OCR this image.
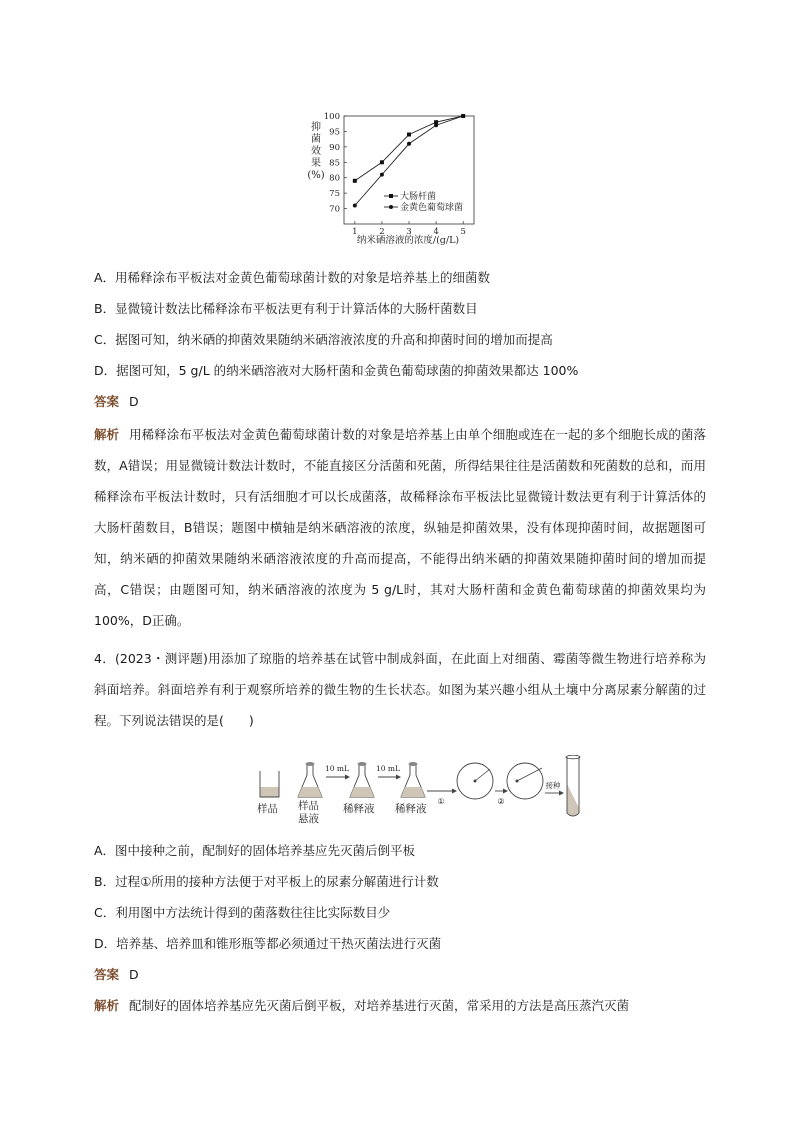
抑
菌
效
果
(%)
100
95
90
85
80
75
70
1	2	3	4	5
大肠杆菌
金黄色葡萄球菌
纳米硒溶液的浓度/(g/L)
A．用稀释涂布平板法对金黄色葡萄球菌计数的对象是培养基上的细菌数
B．显微镜计数法比稀释涂布平板法更有利于计算活体的大肠杆菌数目
C．据图可知，纳米硒的抑菌效果随纳米硒溶液浓度的升高和抑菌时间的增加而提高
D．据图可知，5 g/L 的纳米硒溶液对大肠杆菌和金黄色葡萄球菌的抑菌效果都达 100%
答案 D
解析 用稀释涂布平板法对金黄色葡萄球菌计数的对象是培养基上由单个细胞或连在一起的多个细胞长成的菌落数，A错误；用显微镜计数法计数时，不能直接区分活菌和死菌，所得结果往往是活菌数和死菌数的总和，而用稀释涂布平板法计数时，只有活细胞才可以长成菌落，故稀释涂布平板法比显微镜计数法更有利于计算活体的大肠杆菌数目，B错误；题图中横轴是纳米硒溶液的浓度，纵轴是抑菌效果，没有体现抑菌时间，故据题图可知，纳米硒的抑菌效果随纳米硒溶液浓度的升高而提高，不能得出纳米硒的抑菌效果随抑菌时间的增加而提高，C错误；由题图可知，纳米硒溶液的浓度为 5 g/L时，其对大肠杆菌和金黄色葡萄球菌的抑菌效果均为 100%，D正确。
4．(2023・测评题)用添加了琼脂的培养基在试管中制成斜面，在此面上对细菌、霉菌等微生物进行培养称为斜面培养。斜面培养有利于观察所培养的微生物的生长状态。如图为某兴趣小组从土壤中分离尿素分解菌的过程。下列说法错误的是(　　)
10 mL	10 mL
①	②
接种
样品 样品
悬液
稀释液 稀释液
A．图中接种之前，配制好的固体培养基应先灭菌后倒平板
B．过程①所用的接种方法便于对平板上的尿素分解菌进行计数
C．利用图中方法统计得到的菌落数往往比实际数目少
D．培养基、培养皿和锥形瓶等都必须通过干热灭菌法进行灭菌
答案 D
解析 配制好的固体培养基应先灭菌后倒平板，对培养基进行灭菌，常采用的方法是高压蒸汽灭菌
